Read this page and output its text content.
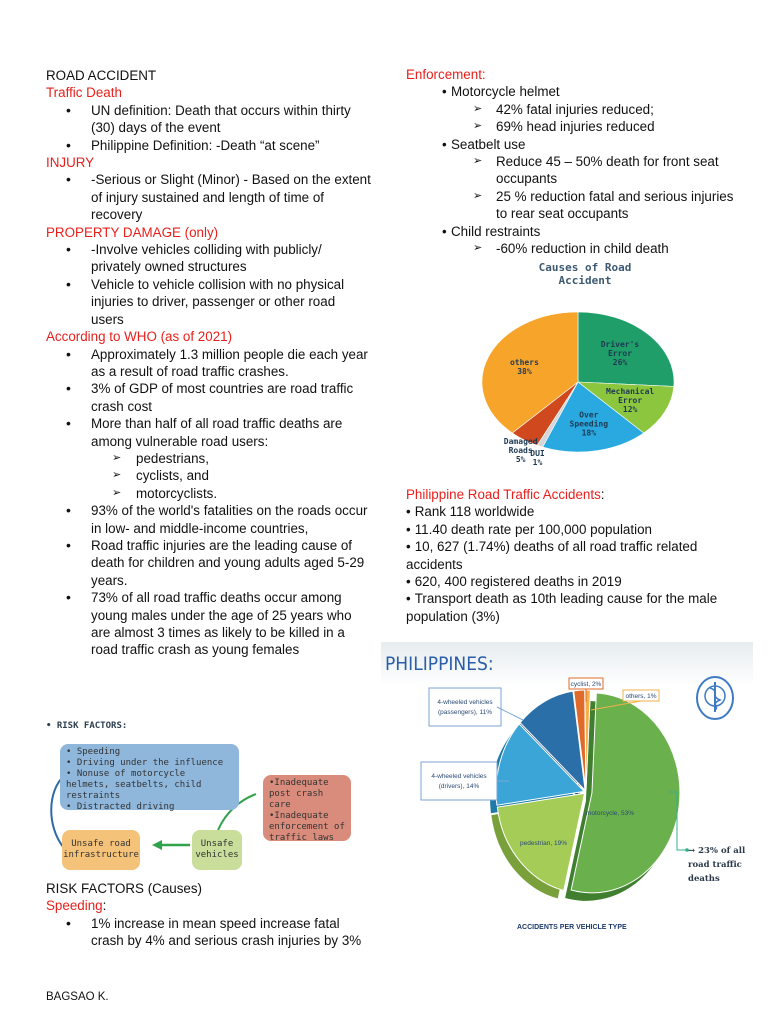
ROAD ACCIDENT
Traffic Death
• UN definition: Death that occurs within thirty (30) days of the event
• Philippine Definition: -Death “at scene”
INJURY
• -Serious or Slight (Minor) - Based on the extent of injury sustained and length of time of recovery
PROPERTY DAMAGE (only)
• -Involve vehicles colliding with publicly/ privately owned structures
• Vehicle to vehicle collision with no physical injuries to driver, passenger or other road users
According to WHO (as of 2021)
• Approximately 1.3 million people die each year as a result of road traffic crashes.
• 3% of GDP of most countries are road traffic crash cost
• More than half of all road traffic deaths are among vulnerable road users:
➢ pedestrians,
➢ cyclists, and
➢ motorcyclists.
• 93% of the world's fatalities on the roads occur in low- and middle-income countries,
• Road traffic injuries are the leading cause of death for children and young adults aged 5-29 years.
• 73% of all road traffic deaths occur among young males under the age of 25 years who are almost 3 times as likely to be killed in a road traffic crash as young females
• RISK FACTORS:
• Speeding
• Driving under the influence
• Nonuse of motorcycle helmets, seatbelts, child restraints
• Distracted driving
•Inadequate post crash care
•Inadequate enforcement of traffic laws
Unsafe road infrastructure
Unsafe vehicles
RISK FACTORS (Causes)
Speeding:
• 1% increase in mean speed increase fatal crash by 4% and serious crash injuries by 3%
Enforcement:
• Motorcycle helmet
➢ 42% fatal injuries reduced;
➢ 69% head injuries reduced
• Seatbelt use
➢ Reduce 45 – 50% death for front seat occupants
➢ 25 % reduction fatal and serious injuries to rear seat occupants
• Child restraints
➢ -60% reduction in child death
Causes of Road
Accident
Driver's
Error
26%
Mechanical
Error
12%
Over
Speeding
18%
DUI
1%
Damaged
Roads
5%
others
38%
Philippine Road Traffic Accidents:
• Rank 118 worldwide
• 11.40 death rate per 100,000 population
• 10, 627 (1.74%) deaths of all road traffic related accidents
• 620, 400 registered deaths in 2019
• Transport death as 10th leading cause for the male population (3%)
PHILIPPINES:
4-wheeled vehicles
(passengers), 11%
4-wheeled vehicles
(drivers), 14%
cyclist, 2%
others, 1%
motorcycle, 53%
pedestrian, 19%
→ 23% of all
road traffic
deaths
ACCIDENTS PER VEHICLE TYPE
BAGSAO K.
